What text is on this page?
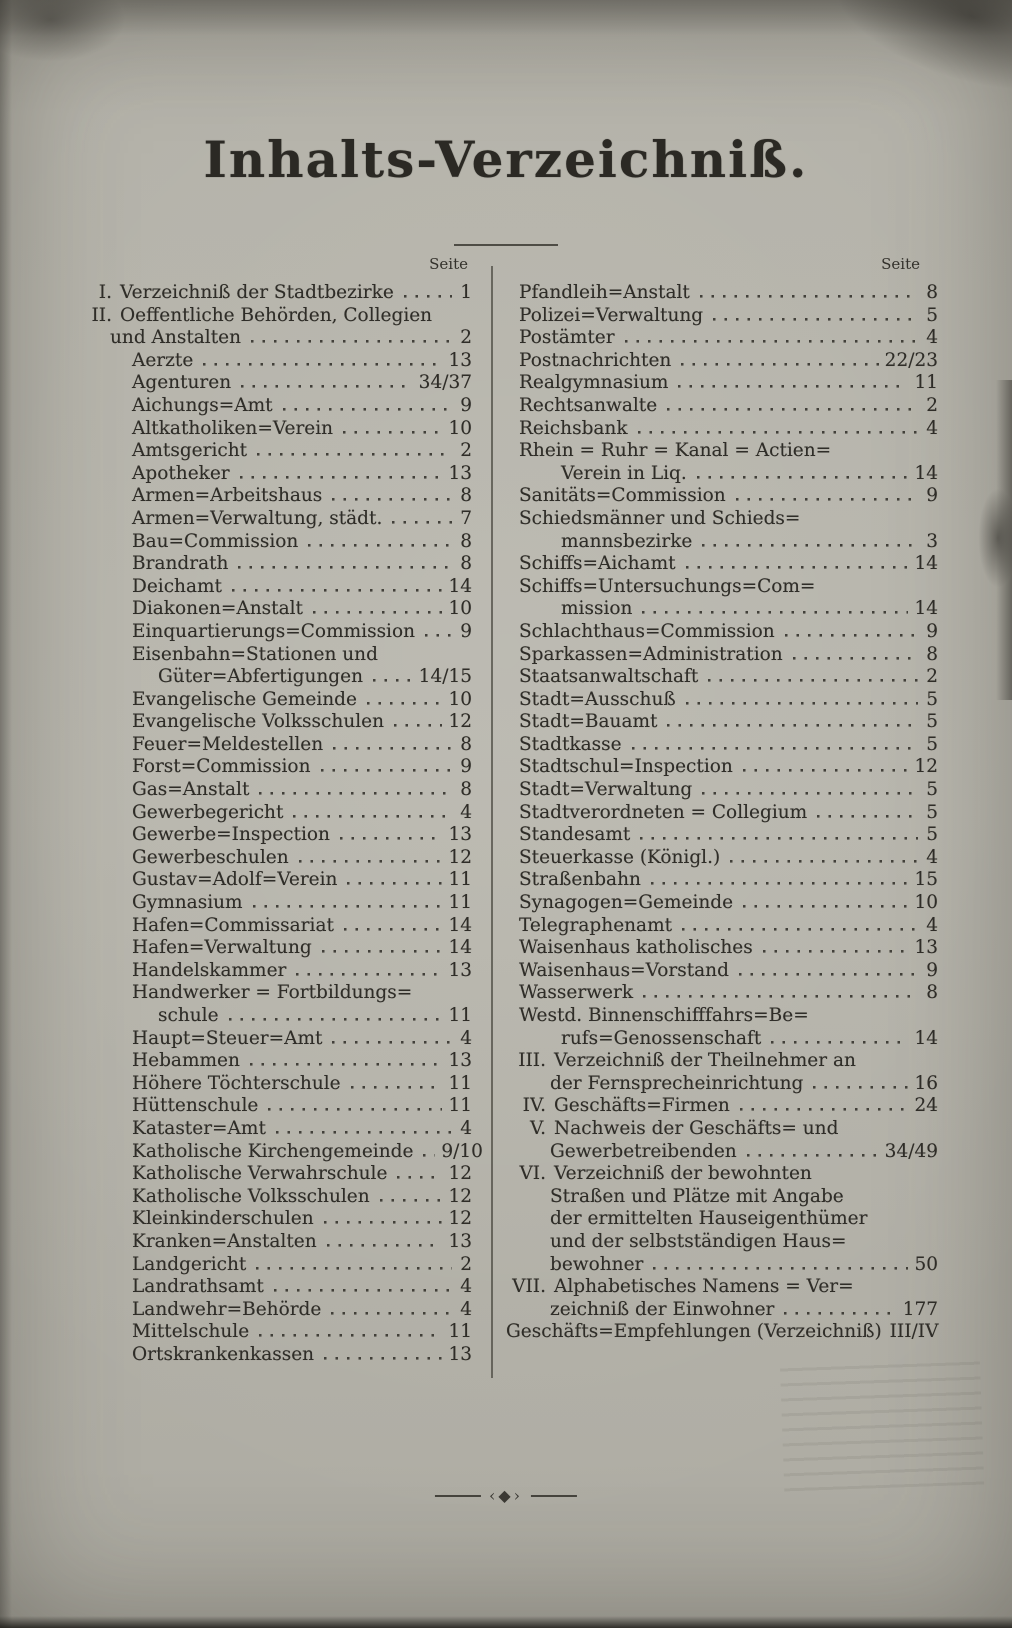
Inhalts-Verzeichniß.
Seite
I. Verzeichniß der Stadtbezirke	1
II. Oeffentliche Behörden, Collegien
und Anstalten	2
Aerzte	13
Agenturen	34/37
Aichungs=Amt	9
Altkatholiken=Verein	10
Amtsgericht	2
Apotheker	13
Armen=Arbeitshaus	8
Armen=Verwaltung, städt.	7
Bau=Commission	8
Brandrath	8
Deichamt	14
Diakonen=Anstalt	10
Einquartierungs=Commission 9
Eisenbahn=Stationen und
Güter=Abfertigungen	14/15
Evangelische Gemeinde	10
Evangelische Volksschulen	12
Feuer=Meldestellen	8
Forst=Commission	9
Gas=Anstalt	8
Gewerbegericht	4
Gewerbe=Inspection	13
Gewerbeschulen	12
Gustav=Adolf=Verein	11
Gymnasium	11
Hafen=Commissariat	14
Hafen=Verwaltung	14
Handelskammer	13
Handwerker = Fortbildungs=
schule	11
Haupt=Steuer=Amt	4
Hebammen	13
Höhere Töchterschule	11
Hüttenschule	11
Kataster=Amt	4
Katholische Kirchengemeinde 9/10
Katholische Verwahrschule	12
Katholische Volksschulen	12
Kleinkinderschulen	12
Kranken=Anstalten	13
Landgericht	2
Landrathsamt	4
Landwehr=Behörde	4
Mittelschule	11
Ortskrankenkassen	13
Seite
Pfandleih=Anstalt	8
Polizei=Verwaltung	5
Postämter	4
Postnachrichten	22/23
Realgymnasium	11
Rechtsanwalte	2
Reichsbank	4
Rhein = Ruhr = Kanal = Actien=
Verein in Liq.	14
Sanitäts=Commission	9
Schiedsmänner und Schieds=
mannsbezirke	3
Schiffs=Aichamt	14
Schiffs=Untersuchungs=Com=
mission	14
Schlachthaus=Commission	9
Sparkassen=Administration	8
Staatsanwaltschaft	2
Stadt=Ausschuß	5
Stadt=Bauamt	5
Stadtkasse	5
Stadtschul=Inspection	12
Stadt=Verwaltung	5
Stadtverordneten = Collegium	5
Standesamt	5
Steuerkasse (Königl.)	4
Straßenbahn	15
Synagogen=Gemeinde	10
Telegraphenamt	4
Waisenhaus katholisches	13
Waisenhaus=Vorstand	9
Wasserwerk	8
Westd. Binnenschifffahrs=Be=
rufs=Genossenschaft	14
III. Verzeichniß der Theilnehmer an
der Fernsprecheinrichtung	16
IV. Geschäfts=Firmen	24
V. Nachweis der Geschäfts= und
Gewerbetreibenden	34/49
VI. Verzeichniß der bewohnten
Straßen und Plätze mit Angabe
der ermittelten Hauseigenthümer
und der selbstständigen Haus=
bewohner	50
VII. Alphabetisches Namens = Ver=
zeichniß der Einwohner	177
Geschäfts=Empfehlungen (Verzeichniß) III/IV
‹◆›
